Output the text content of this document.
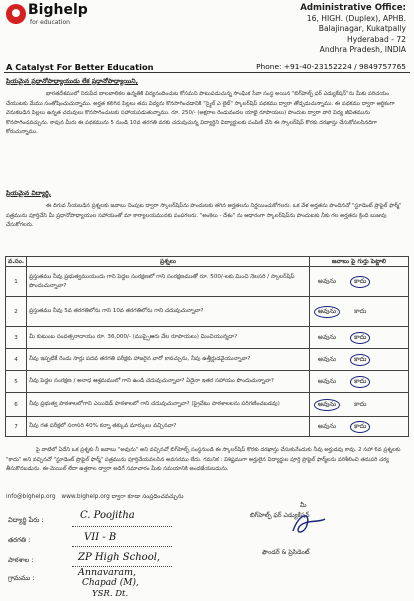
Bighelp
for education
Administrative Office:
16, HIGH. (Duplex), APHB.
Balajinagar, Kukatpally
Hyderabad - 72
Andhra Pradesh, INDIA
A Catalyst For Better Education	Phone: +91-40-23152224 / 9849757765
ప్రియమైన ప్రధానోపాధ్యాయుడు లేక ప్రధానోపాధ్యాయిని,
భారతదేశములో నిరుపేద బాలబాలికల ఉన్నతికి విద్యనందించుట కోసమని పాటుపడుచున్న సాంఘిక సేవా సంస్థ అయిన "బిగ్‌హెల్ప్ ఫర్ ఎడ్యుకేషన్"ను మీకు పరిచయం చేయుటకు మేము సంతోషించుచున్నాము. అర్హత కలిగిన పిల్లలు తమ విద్యను కొనసాగించడానికి "స్మైల్ ఎ లైట్" స్కాలర్‌షిప్ పథకము ద్వారా తోడ్పడుచున్నాము. ఈ పథకము ద్వారా ఆర్థికంగా వెనుకబడిన పిల్లలు ఉన్నత చదువులు కొనసాగించుటకు సహాయపడుతున్నాము. రూ. 250/- (అక్షరాల రెండువందల యాభై రూపాయలు) పొందుట ద్వారా వారి విద్య జీవితమును కొనసాగించవచ్చును. కావున మీరు ఈ పథకమును 5 నుండి 10వ తరగతి వరకు చదువుచున్న విద్యార్థిని విద్యార్థులకు పంపిణీ చేసి ఈ స్కాలర్‌షిప్ కొరకు దరఖాస్తు చేసుకోవలసినదిగా కోరుచున్నాము.
ప్రియమైన విద్యార్థి,
ఈ దిగువ నీయబడిన ప్రశ్నలకు జవాబు నింపుట ద్వారా స్కాలర్‌షిప్‌ను పొందుటకు తగిన అర్హతలను నిర్ణయించుకోగలరు. ఒక వేళ అర్హతను పొందినచో "స్టూడెంట్ ప్రొఫైల్ ఫార్మ్" పత్రమును పూర్తిచేసి మీ ప్రధానోపాధ్యాయుల సహాయంతో మా కార్యాలయమునకు పంపగలరు. "అంకెలు - దేశం" ను ఆధారంగా స్కాలర్‌షిప్‌ను పొందుటకు నీకు గల అర్హతను క్రింది బుజువు చేసుకోగలరు.
వ.సం.	ప్రశ్నలు	జవాబు పై గుర్తు పెట్టాలి
1	ప్రస్తుతము నీవు ప్రభుత్వముయందు గాని పెద్దల సంరక్షణలో గాని సంరక్షణముతో రూ. 500/-లకు మించి నెలసరి / స్కాలర్‌షిప్ పొందుచున్నావా?	అవును కాదు
2	ప్రస్తుతము నీవు 5వ తరగతిలోను గాని 10వ తరగతిలోను గాని చదువుచున్నావా?	అవును కాదు
3	మీ కుటుంబ సంవత్సరాదాయం రూ. 36,000/- (ముప్పైఆరు వేల రూపాయలు) మించియున్నదా?	అవును కాదు
4	నీవు ఇప్పటికే రెండు సార్లు పదవ తరగతి పరీక్షకు హాజరైన వారో కావచ్చును, నీవు ఉత్తీర్ణుడవైయున్నావా?	అవును కాదు
5	నీవు పెద్దల సంరక్షణ / అనాధ ఆశ్రమములో గాని ఉండి చదువుచున్నావా? ఏదైనా ఇతర సహాయం పొందుచున్నావా?	అవును కాదు
6	నీవు ప్రభుత్వ పాఠశాలలోగాని ఎయిడెడ్ పాఠశాలలో గాని చదువుచున్నావా? (ప్రైవేటు పాఠశాలలను పరిగణించబడవు)	అవును కాదు
7	నీవు గత పరీక్షలో సరాసరి 40% కన్నా తక్కువ మార్కులు వచ్చినవా?	అవును కాదు
పై వాటిలో ఏదేని ఒక ప్రశ్నకు నీ జవాబు "అవును" అని వచ్చినచో బిగ్‌హెల్ప్ సంస్థనుండి ఈ స్కాలర్‌షిప్ కొరకు దరఖాస్తు చేసుకునేందుకు నీవు అర్హుడవు కావు. 2 సహా 6వ ప్రశ్నలకు "కాదు" అని వచ్చినచో "స్టూడెంట్ ప్రొఫైల్ ఫార్మ్" పత్రమును పూర్తిచేయవలసిన అవసరము లేదు. గమనిక : విశిష్టముగా అర్హులైన విద్యార్థుల పూర్తి ప్రొఫైల్ ఫార్మ్‌లను పరిశీలించి తదుపరి చర్య తీసుకొనబడును. ఈ-మెయిల్ లేదా ఉత్తరాల ద్వారా అడిగే సమాచారం మీకు సమయానికి అందజేయబడును.
info@bighelp.org www.bighelp.org ద్వారా కూడా సంప్రదించవచ్చును
విద్యార్థి పేరు :	C. Poojitha
తరగతి :	VII - B
పాఠశాల :	ZP High School,
గ్రామము :	Annavaram,
Chapad (M),
YSR. Dt.
మీ
బిగ్‌హెల్ప్ ఫర్ ఎడ్యుకేషన్
ఫౌండర్ & ప్రెసిడెంట్
